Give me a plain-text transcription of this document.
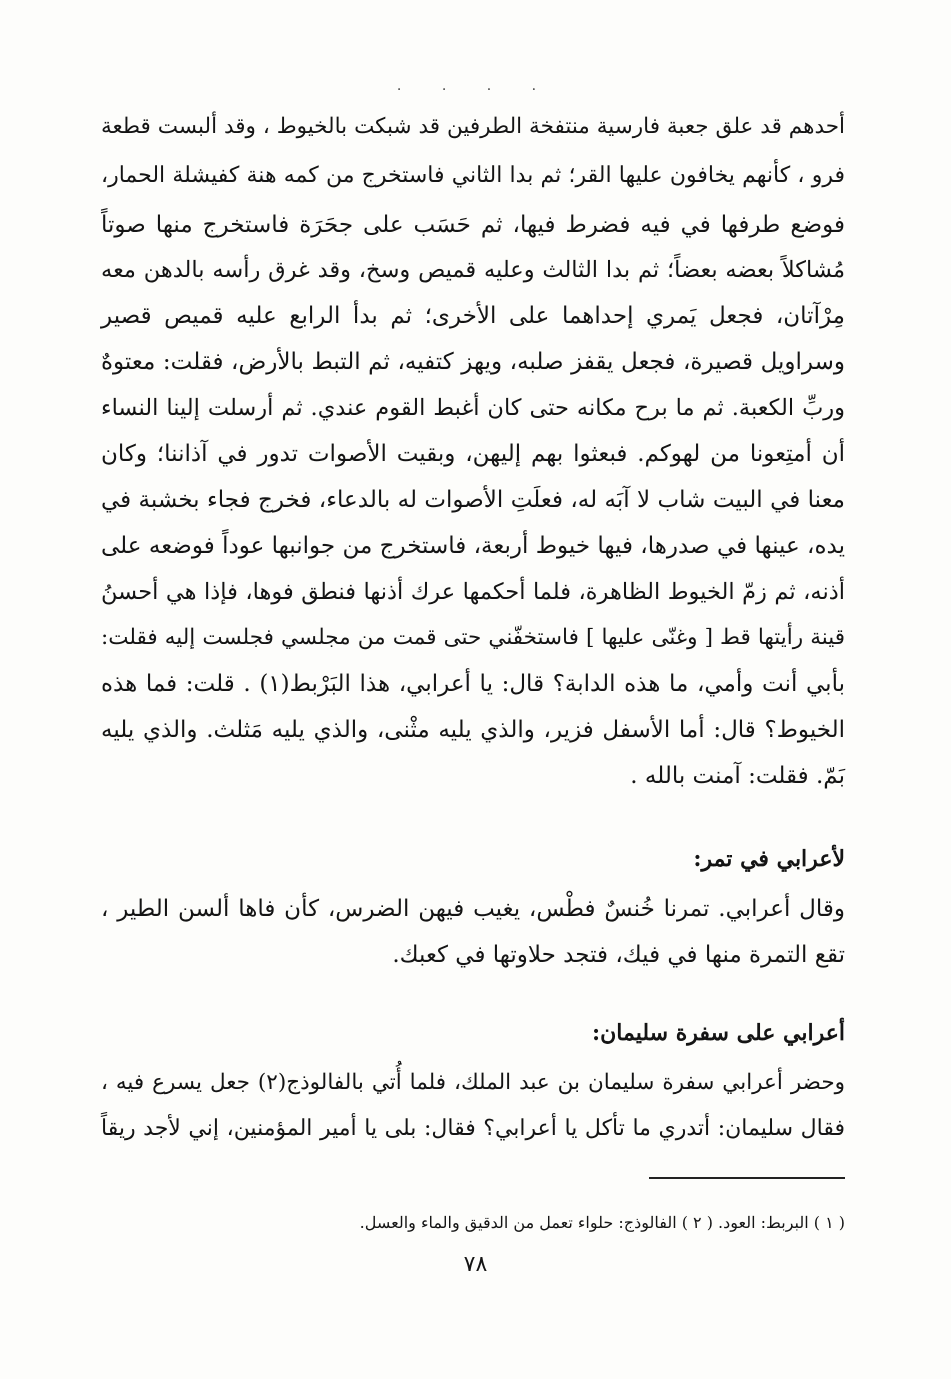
. . . .
أحدهم قد علق جعبة فارسية منتفخة الطرفين قد شبكت بالخيوط ، وقد ألبست قطعة
فرو ، كأنهم يخافون عليها القر؛ ثم بدا الثاني فاستخرج من كمه هنة كفيشلة الحمار،
فوضع طرفها في فيه فضرط فيها، ثم حَسَب على جحَرَة فاستخرج منها صوتاً
مُشاكلاً بعضه بعضاً؛ ثم بدا الثالث وعليه قميص وسخ، وقد غرق رأسه بالدهن معه
مِرْآتان، فجعل يَمري إحداهما على الأخرى؛ ثم بدأ الرابع عليه قميص قصير
وسراويل قصيرة، فجعل يقفز صلبه، ويهز كتفيه، ثم التبط بالأرض، فقلت: معتوهٌ
وربِّ الكعبة. ثم ما برح مكانه حتى كان أغبط القوم عندي. ثم أرسلت إلينا النساء
أن أمتِعونا من لهوكم. فبعثوا بهم إليهن، وبقيت الأصوات تدور في آذاننا؛ وكان
معنا في البيت شاب لا آبَه له، فعلَتِ الأصوات له بالدعاء، فخرج فجاء بخشبة في
يده، عينها في صدرها، فيها خيوط أربعة، فاستخرج من جوانبها عوداً فوضعه على
أذنه، ثم زمّ الخيوط الظاهرة، فلما أحكمها عرك أذنها فنطق فوها، فإذا هي أحسنُ
قينة رأيتها قط [ وغنّى عليها ] فاستخفّني حتى قمت من مجلسي فجلست إليه فقلت:
بأبي أنت وأمي، ما هذه الدابة؟ قال: يا أعرابي، هذا البَرْبط(١) . قلت: فما هذه
الخيوط؟ قال: أما الأسفل فزير، والذي يليه مثْنى، والذي يليه مَثلث. والذي يليه
بَمّ. فقلت: آمنت بالله .
لأعرابي في تمر:
وقال أعرابي. تمرنا خُنسٌ فطْس، يغيب فيهن الضرس، كأن فاها ألسن الطير ،
تقع التمرة منها في فيك، فتجد حلاوتها في كعبك.
أعرابي على سفرة سليمان:
وحضر أعرابي سفرة سليمان بن عبد الملك، فلما أُتي بالفالوذج(٢) جعل يسرع فيه ،
فقال سليمان: أتدري ما تأكل يا أعرابي؟ فقال: بلى يا أمير المؤمنين، إني لأجد ريقاً
( ١ ) البربط: العود. ( ٢ ) الفالوذج: حلواء تعمل من الدقيق والماء والعسل.
٧٨
